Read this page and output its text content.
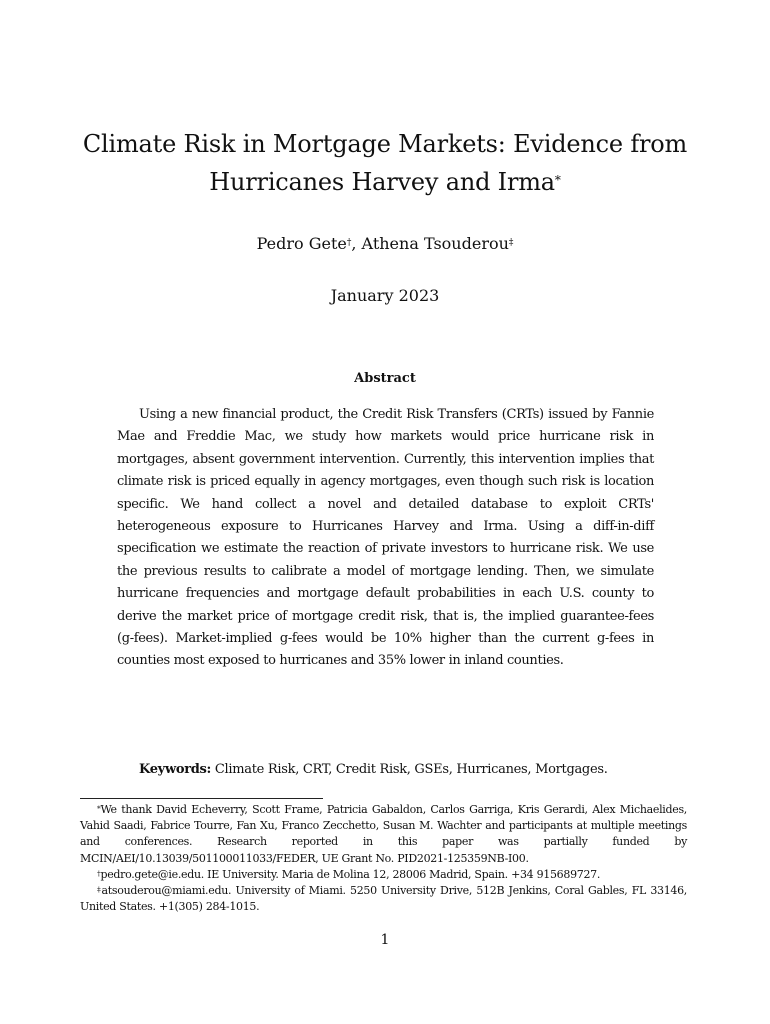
Climate Risk in Mortgage Markets: Evidence from
Hurricanes Harvey and Irma*
Pedro Gete†, Athena Tsouderou‡
January 2023
Abstract

Using a new financial product, the Credit Risk Transfers (CRTs) issued by Fannie Mae and Freddie Mac, we study how markets would price hurricane risk in mortgages, absent government intervention. Currently, this intervention implies that climate risk is priced equally in agency mortgages, even though such risk is location specific. We hand collect a novel and detailed database to exploit CRTs' heterogeneous exposure to Hurricanes Harvey and Irma. Using a diff-in-diff specification we estimate the reaction of private investors to hurricane risk. We use the previous results to calibrate a model of mortgage lending. Then, we simulate hurricane frequencies and mortgage default probabilities in each U.S. county to derive the market price of mortgage credit risk, that is, the implied guarantee-fees (g-fees). Market-implied g-fees would be 10% higher than the current g-fees in counties most exposed to hurricanes and 35% lower in inland counties.

Keywords: Climate Risk, CRT, Credit Risk, GSEs, Hurricanes, Mortgages.

*We thank David Echeverry, Scott Frame, Patricia Gabaldon, Carlos Garriga, Kris Gerardi, Alex Michaelides, Vahid Saadi, Fabrice Tourre, Fan Xu, Franco Zecchetto, Susan M. Wachter and participants at multiple meetings and conferences. Research reported in this paper was partially funded by MCIN/AEI/10.13039/501100011033/FEDER, UE Grant No. PID2021-125359NB-I00.

†pedro.gete@ie.edu. IE University. Maria de Molina 12, 28006 Madrid, Spain. +34 915689727.

‡atsouderou@miami.edu. University of Miami. 5250 University Drive, 512B Jenkins, Coral Gables, FL 33146, United States. +1(305) 284-1015.

1
